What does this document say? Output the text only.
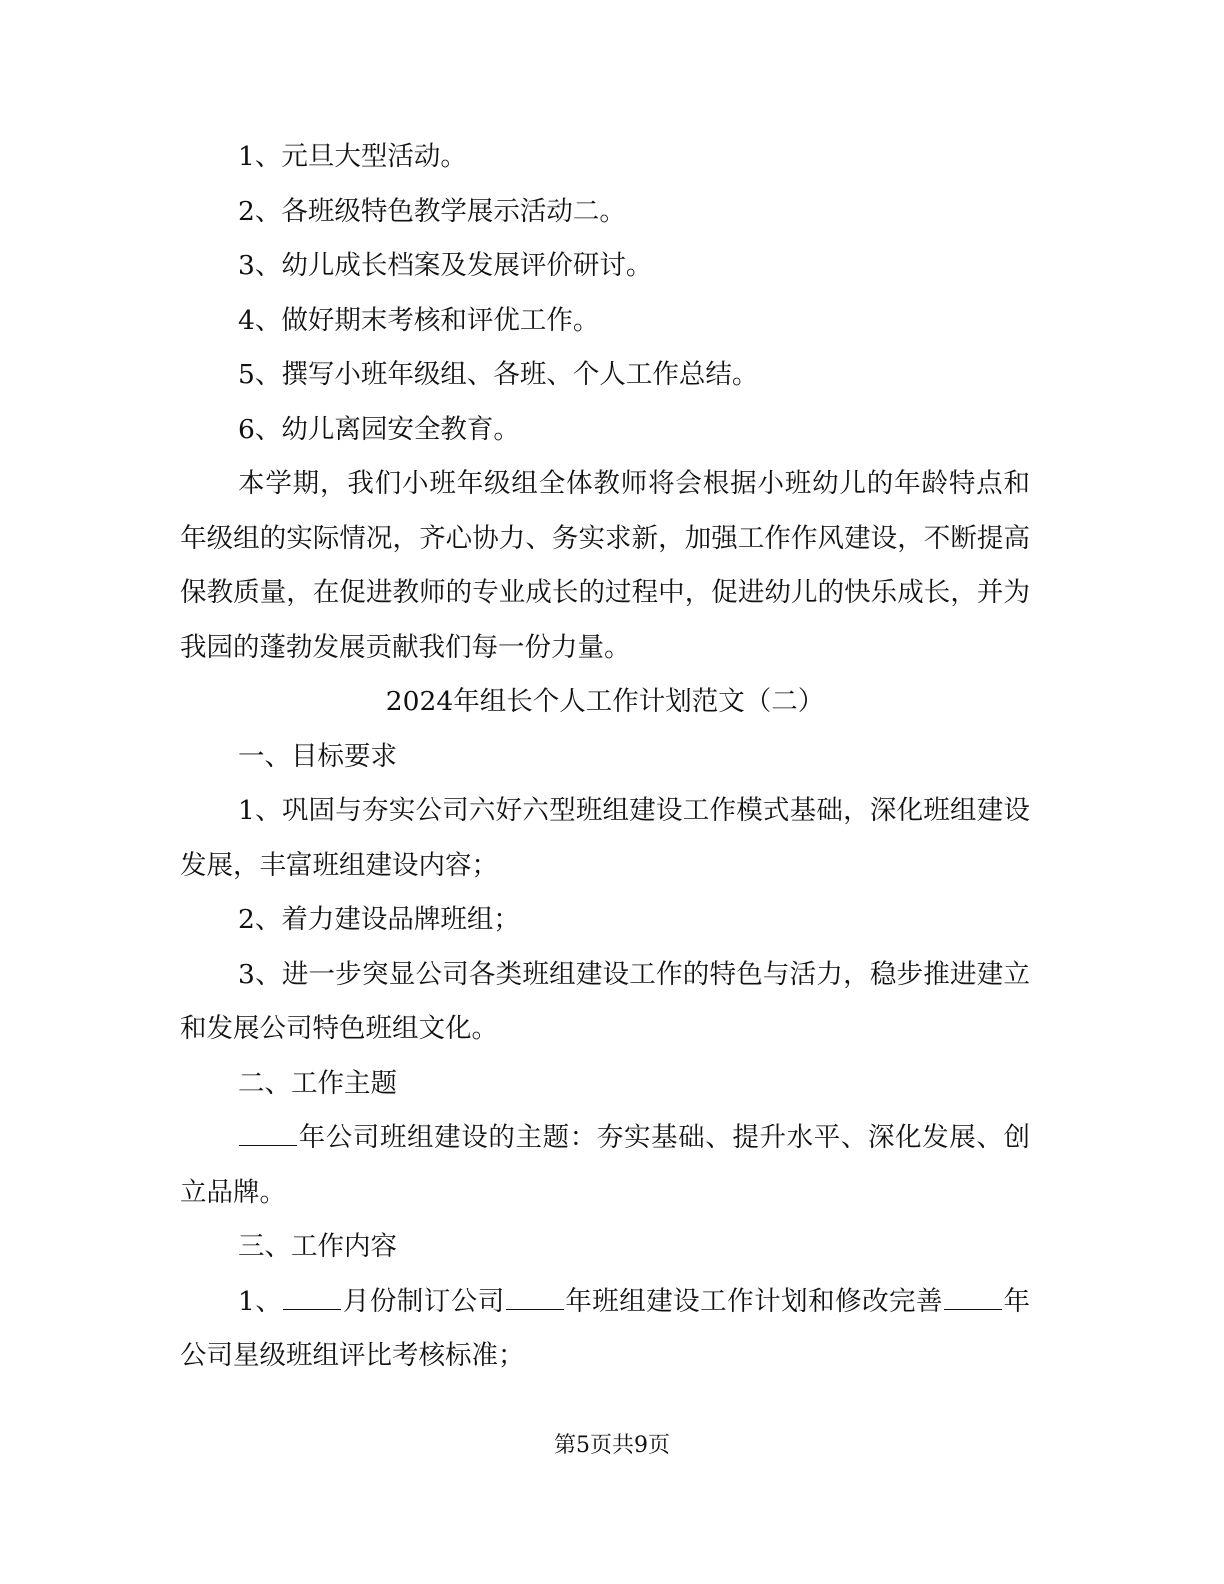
1、元旦大型活动。

2、各班级特色教学展示活动二。

3、幼儿成长档案及发展评价研讨。

4、做好期末考核和评优工作。

5、撰写小班年级组、各班、个人工作总结。

6、幼儿离园安全教育。

本学期，我们小班年级组全体教师将会根据小班幼儿的年龄特点和年级组的实际情况，齐心协力、务实求新，加强工作作风建设，不断提高保教质量，在促进教师的专业成长的过程中，促进幼儿的快乐成长，并为我园的蓬勃发展贡献我们每一份力量。

2024年组长个人工作计划范文（二）

一、目标要求

1、巩固与夯实公司六好六型班组建设工作模式基础，深化班组建设发展，丰富班组建设内容；

2、着力建设品牌班组；

3、进一步突显公司各类班组建设工作的特色与活力，稳步推进建立和发展公司特色班组文化。

二、工作主题

年公司班组建设的主题：夯实基础、提升水平、深化发展、创立品牌。

三、工作内容

1、 月份制订公司 年班组建设工作计划和修改完善 年公司星级班组评比考核标准；

第5页共9页
